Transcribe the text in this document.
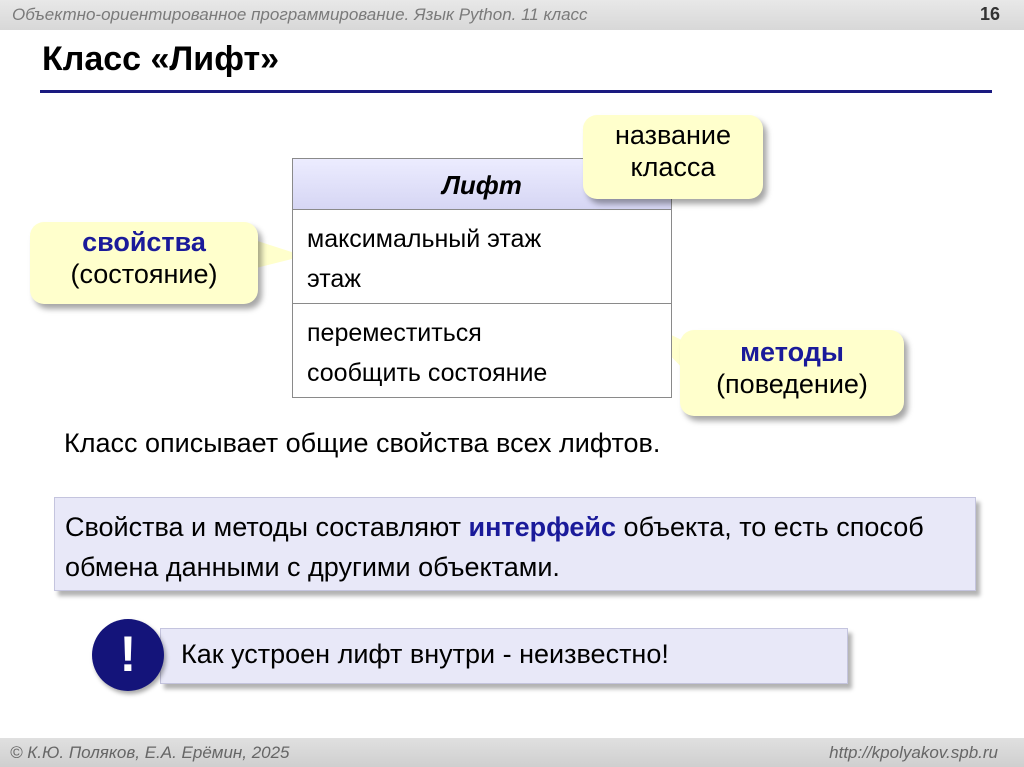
Объектно-ориентированное программирование. Язык Python. 11 класс	16
Класс «Лифт»
Лифт
максимальный этаж
этаж
переместиться
сообщить состояние
название
класса
свойства
(состояние)
методы
(поведение)
Класс описывает общие свойства всех лифтов.
Свойства и методы составляют интерфейс объекта, то есть способ обмена данными с другими объектами.
Как устроен лифт внутри - неизвестно!
!
© К.Ю. Поляков, Е.А. Ерёмин, 2025	http://kpolyakov.spb.ru
